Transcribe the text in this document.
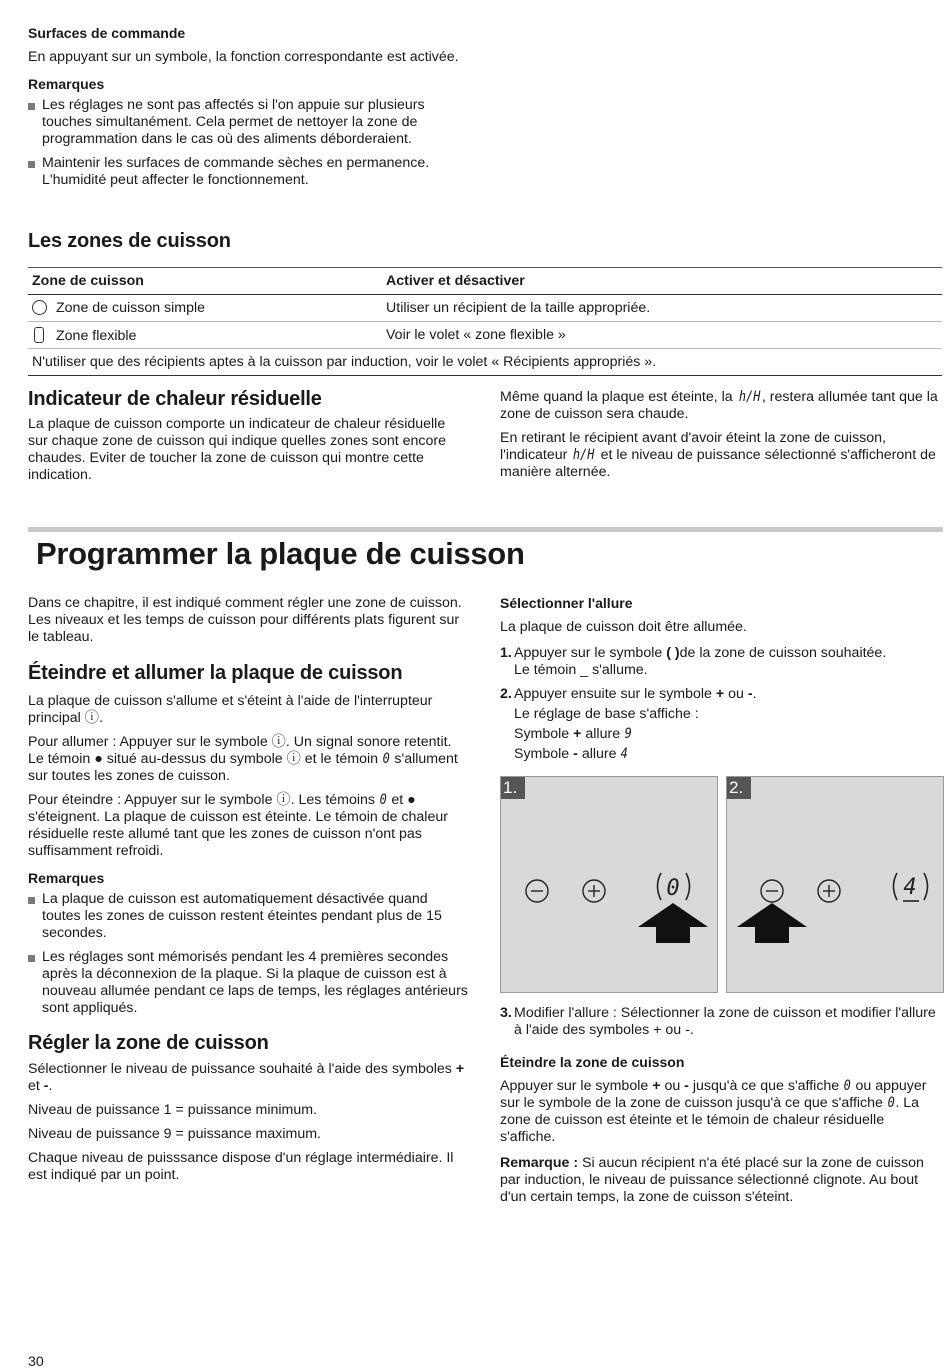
Surfaces de commande

En appuyant sur un symbole, la fonction correspondante est activée.

Remarques
Les réglages ne sont pas affectés si l'on appuie sur plusieurs touches simultanément. Cela permet de nettoyer la zone de programmation dans le cas où des aliments déborderaient.
Maintenir les surfaces de commande sèches en permanence. L'humidité peut affecter le fonctionnement.
Les zones de cuisson
Zone de cuisson	Activer et désactiver
Zone de cuisson simple	Utiliser un récipient de la taille appropriée.
Zone flexible	Voir le volet « zone flexible »
N'utiliser que des récipients aptes à la cuisson par induction, voir le volet « Récipients appropriés ».	
Indicateur de chaleur résiduelle

La plaque de cuisson comporte un indicateur de chaleur résiduelle sur chaque zone de cuisson qui indique quelles zones sont encore chaudes. Eviter de toucher la zone de cuisson qui montre cette indication.

Même quand la plaque est éteinte, la h/H , restera allumée tant que la zone de cuisson sera chaude.

En retirant le récipient avant d'avoir éteint la zone de cuisson, l'indicateur h/H et le niveau de puissance sélectionné s'afficheront de manière alternée.

Programmer la plaque de cuisson

Dans ce chapitre, il est indiqué comment régler une zone de cuisson. Les niveaux et les temps de cuisson pour différents plats figurent sur le tableau.

Éteindre et allumer la plaque de cuisson

La plaque de cuisson s'allume et s'éteint à l'aide de l'interrupteur principal ⓘ.

Pour allumer : Appuyer sur le symbole ⓘ. Un signal sonore retentit. Le témoin ● situé au-dessus du symbole ⓘ et le témoin 0 s'allument sur toutes les zones de cuisson.

Pour éteindre : Appuyer sur le symbole ⓘ. Les témoins 0 et ● s'éteignent. La plaque de cuisson est éteinte. Le témoin de chaleur résiduelle reste allumé tant que les zones de cuisson n'ont pas suffisamment refroidi.

Remarques
La plaque de cuisson est automatiquement désactivée quand toutes les zones de cuisson restent éteintes pendant plus de 15 secondes.
Les réglages sont mémorisés pendant les 4 premières secondes après la déconnexion de la plaque. Si la plaque de cuisson est à nouveau allumée pendant ce laps de temps, les réglages antérieurs sont appliqués.
Régler la zone de cuisson

Sélectionner le niveau de puissance souhaité à l'aide des symboles + et -.

Niveau de puissance 1 = puissance minimum.

Niveau de puissance 9 = puissance maximum.

Chaque niveau de puisssance dispose d'un réglage intermédiaire. Il est indiqué par un point.

Sélectionner l'allure

La plaque de cuisson doit être allumée.

1. Appuyer sur le symbole ( )de la zone de cuisson souhaitée.
Le témoin _ s'allume.
2. Appuyer ensuite sur le symbole + ou -.
Le réglage de base s'affiche :
Symbole + allure 9
Symbole - allure 4
1.
0
2.
4
3. Modifier l'allure : Sélectionner la zone de cuisson et modifier l'allure à l'aide des symboles + ou -.
Éteindre la zone de cuisson

Appuyer sur le symbole + ou - jusqu'à ce que s'affiche 0 ou appuyer sur le symbole de la zone de cuisson jusqu'à ce que s'affiche 0. La zone de cuisson est éteinte et le témoin de chaleur résiduelle s'affiche.

Remarque : Si aucun récipient n'a été placé sur la zone de cuisson par induction, le niveau de puissance sélectionné clignote. Au bout d'un certain temps, la zone de cuisson s'éteint.

30
